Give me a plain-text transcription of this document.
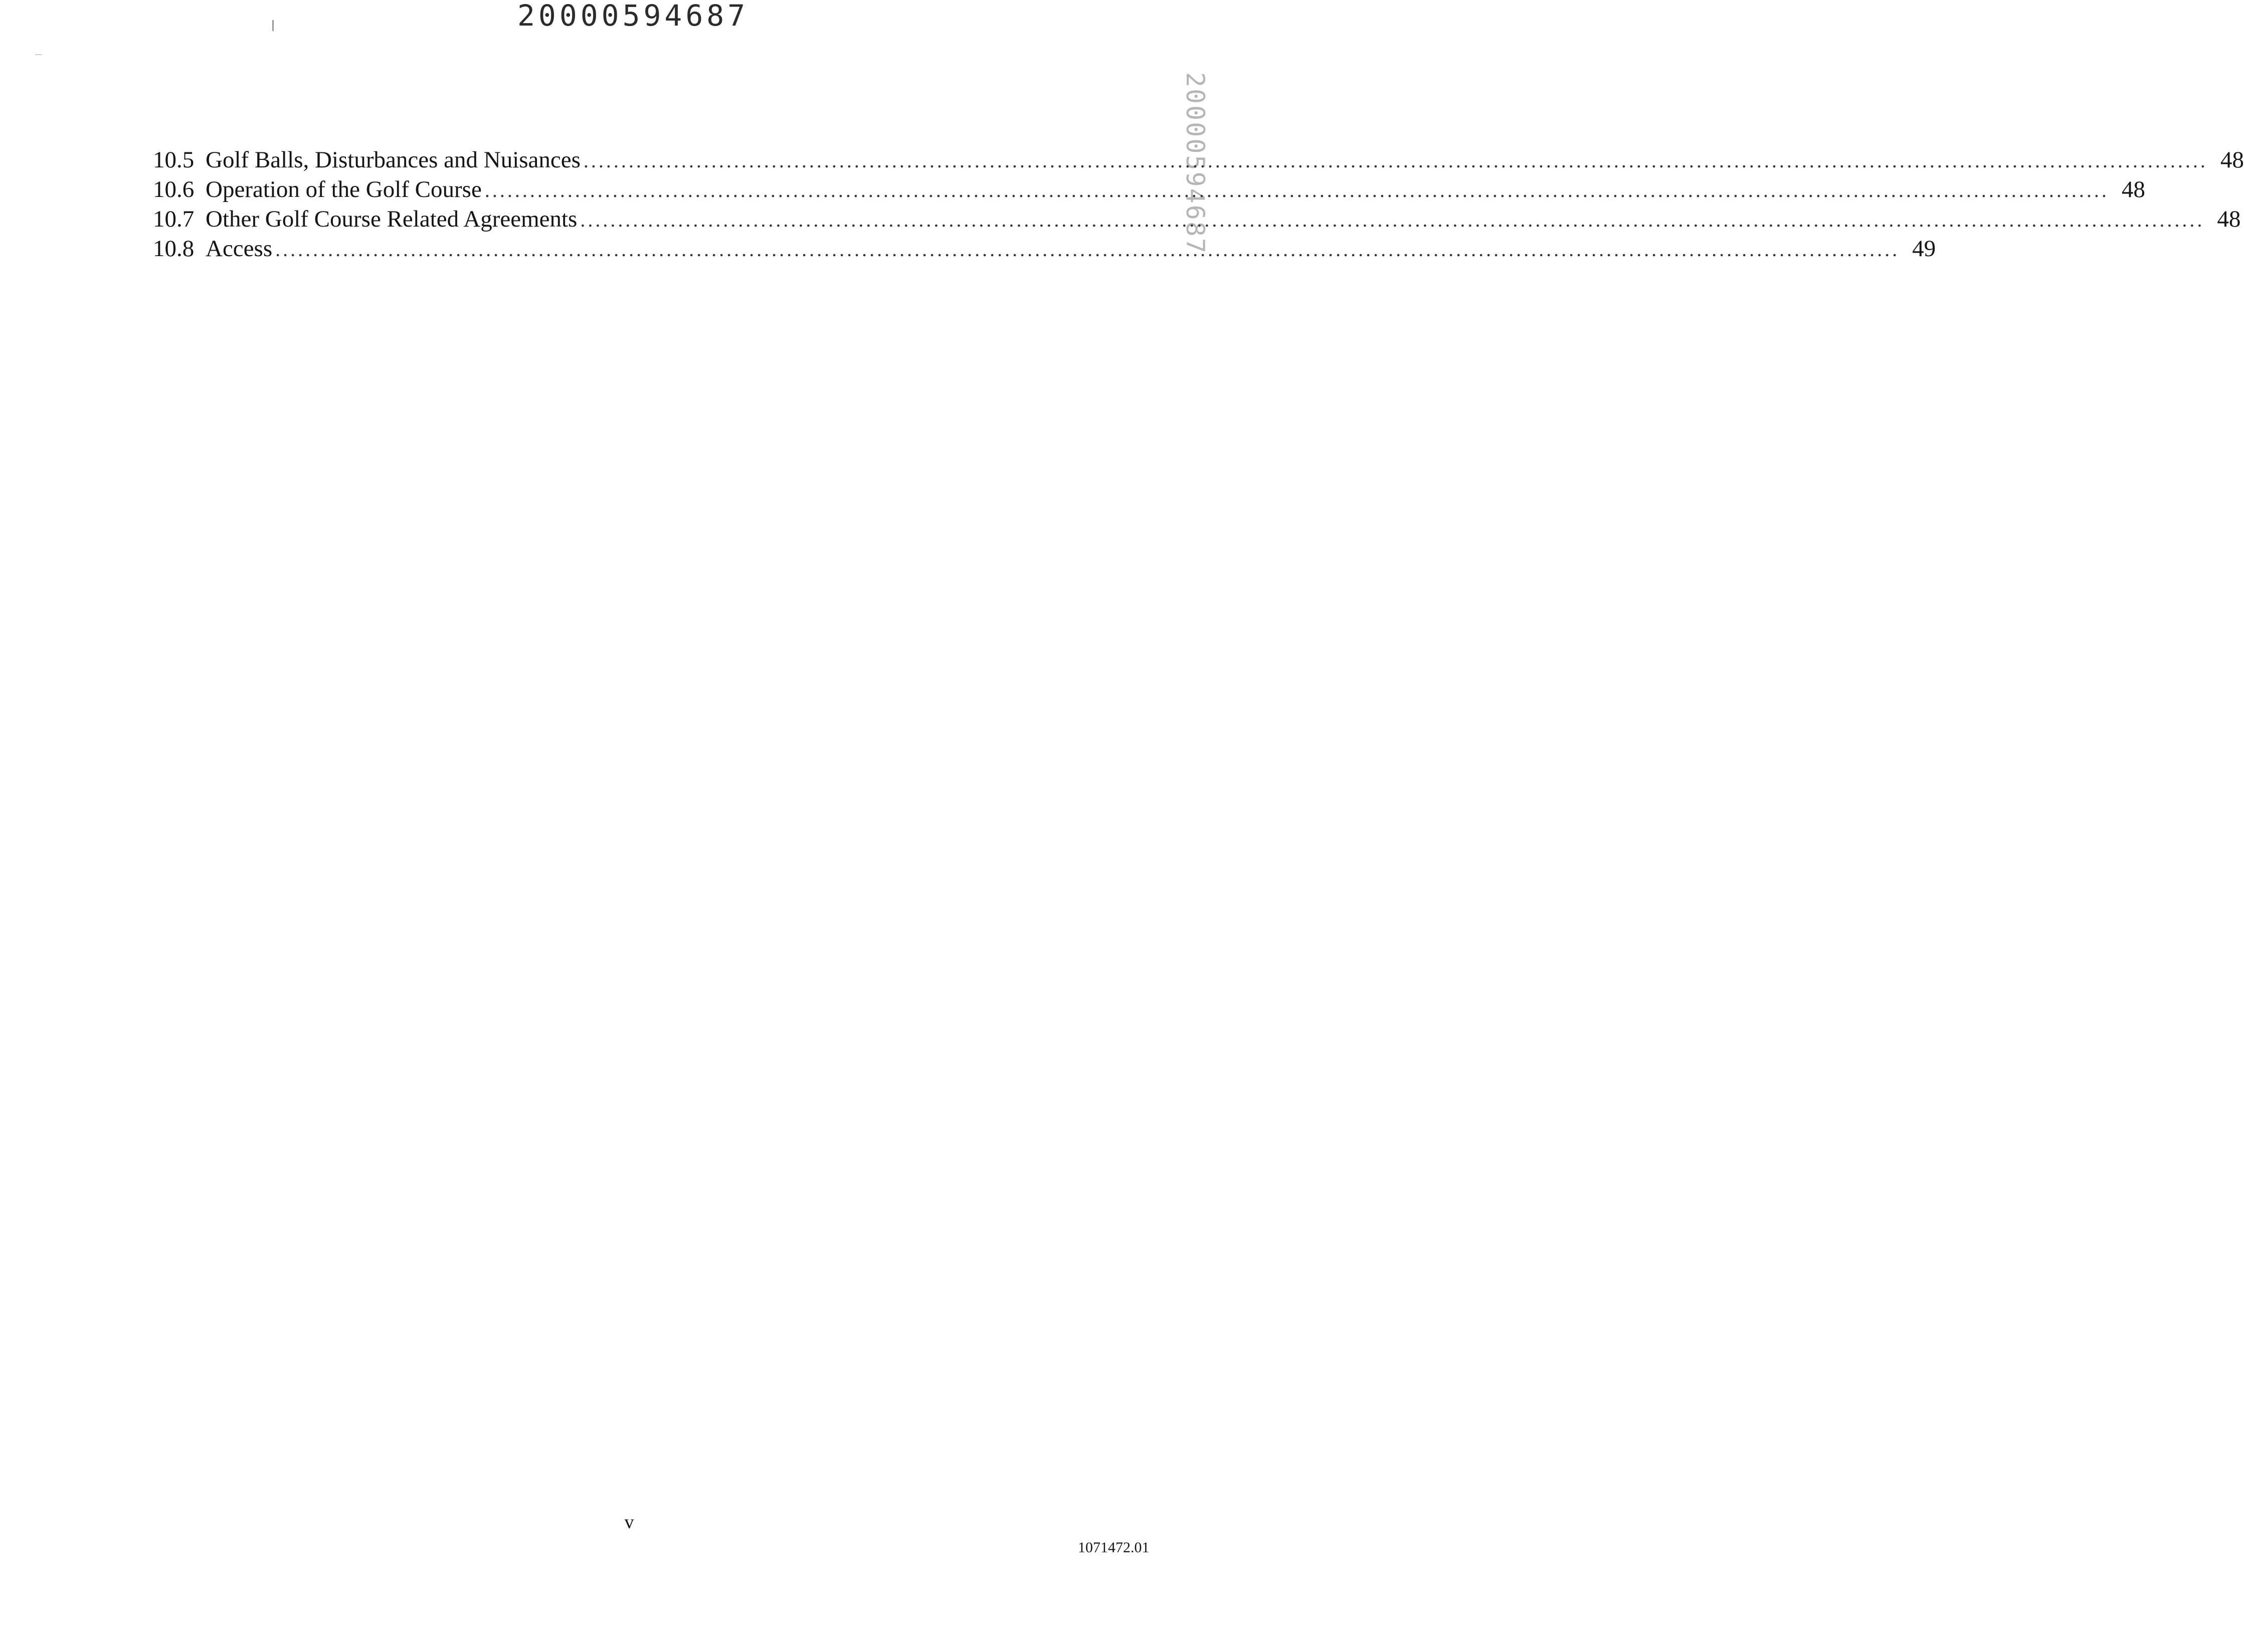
20000594687
20000594687
10.5 Golf Balls, Disturbances and Nuisances ........................................................................................................................................................................................................................ 48
10.6 Operation of the Golf Course ........................................................................................................................................................................................................................ 48
10.7 Other Golf Course Related Agreements ........................................................................................................................................................................................................................ 48
10.8 Access ........................................................................................................................................................................................................................ 49
v
1071472.01
